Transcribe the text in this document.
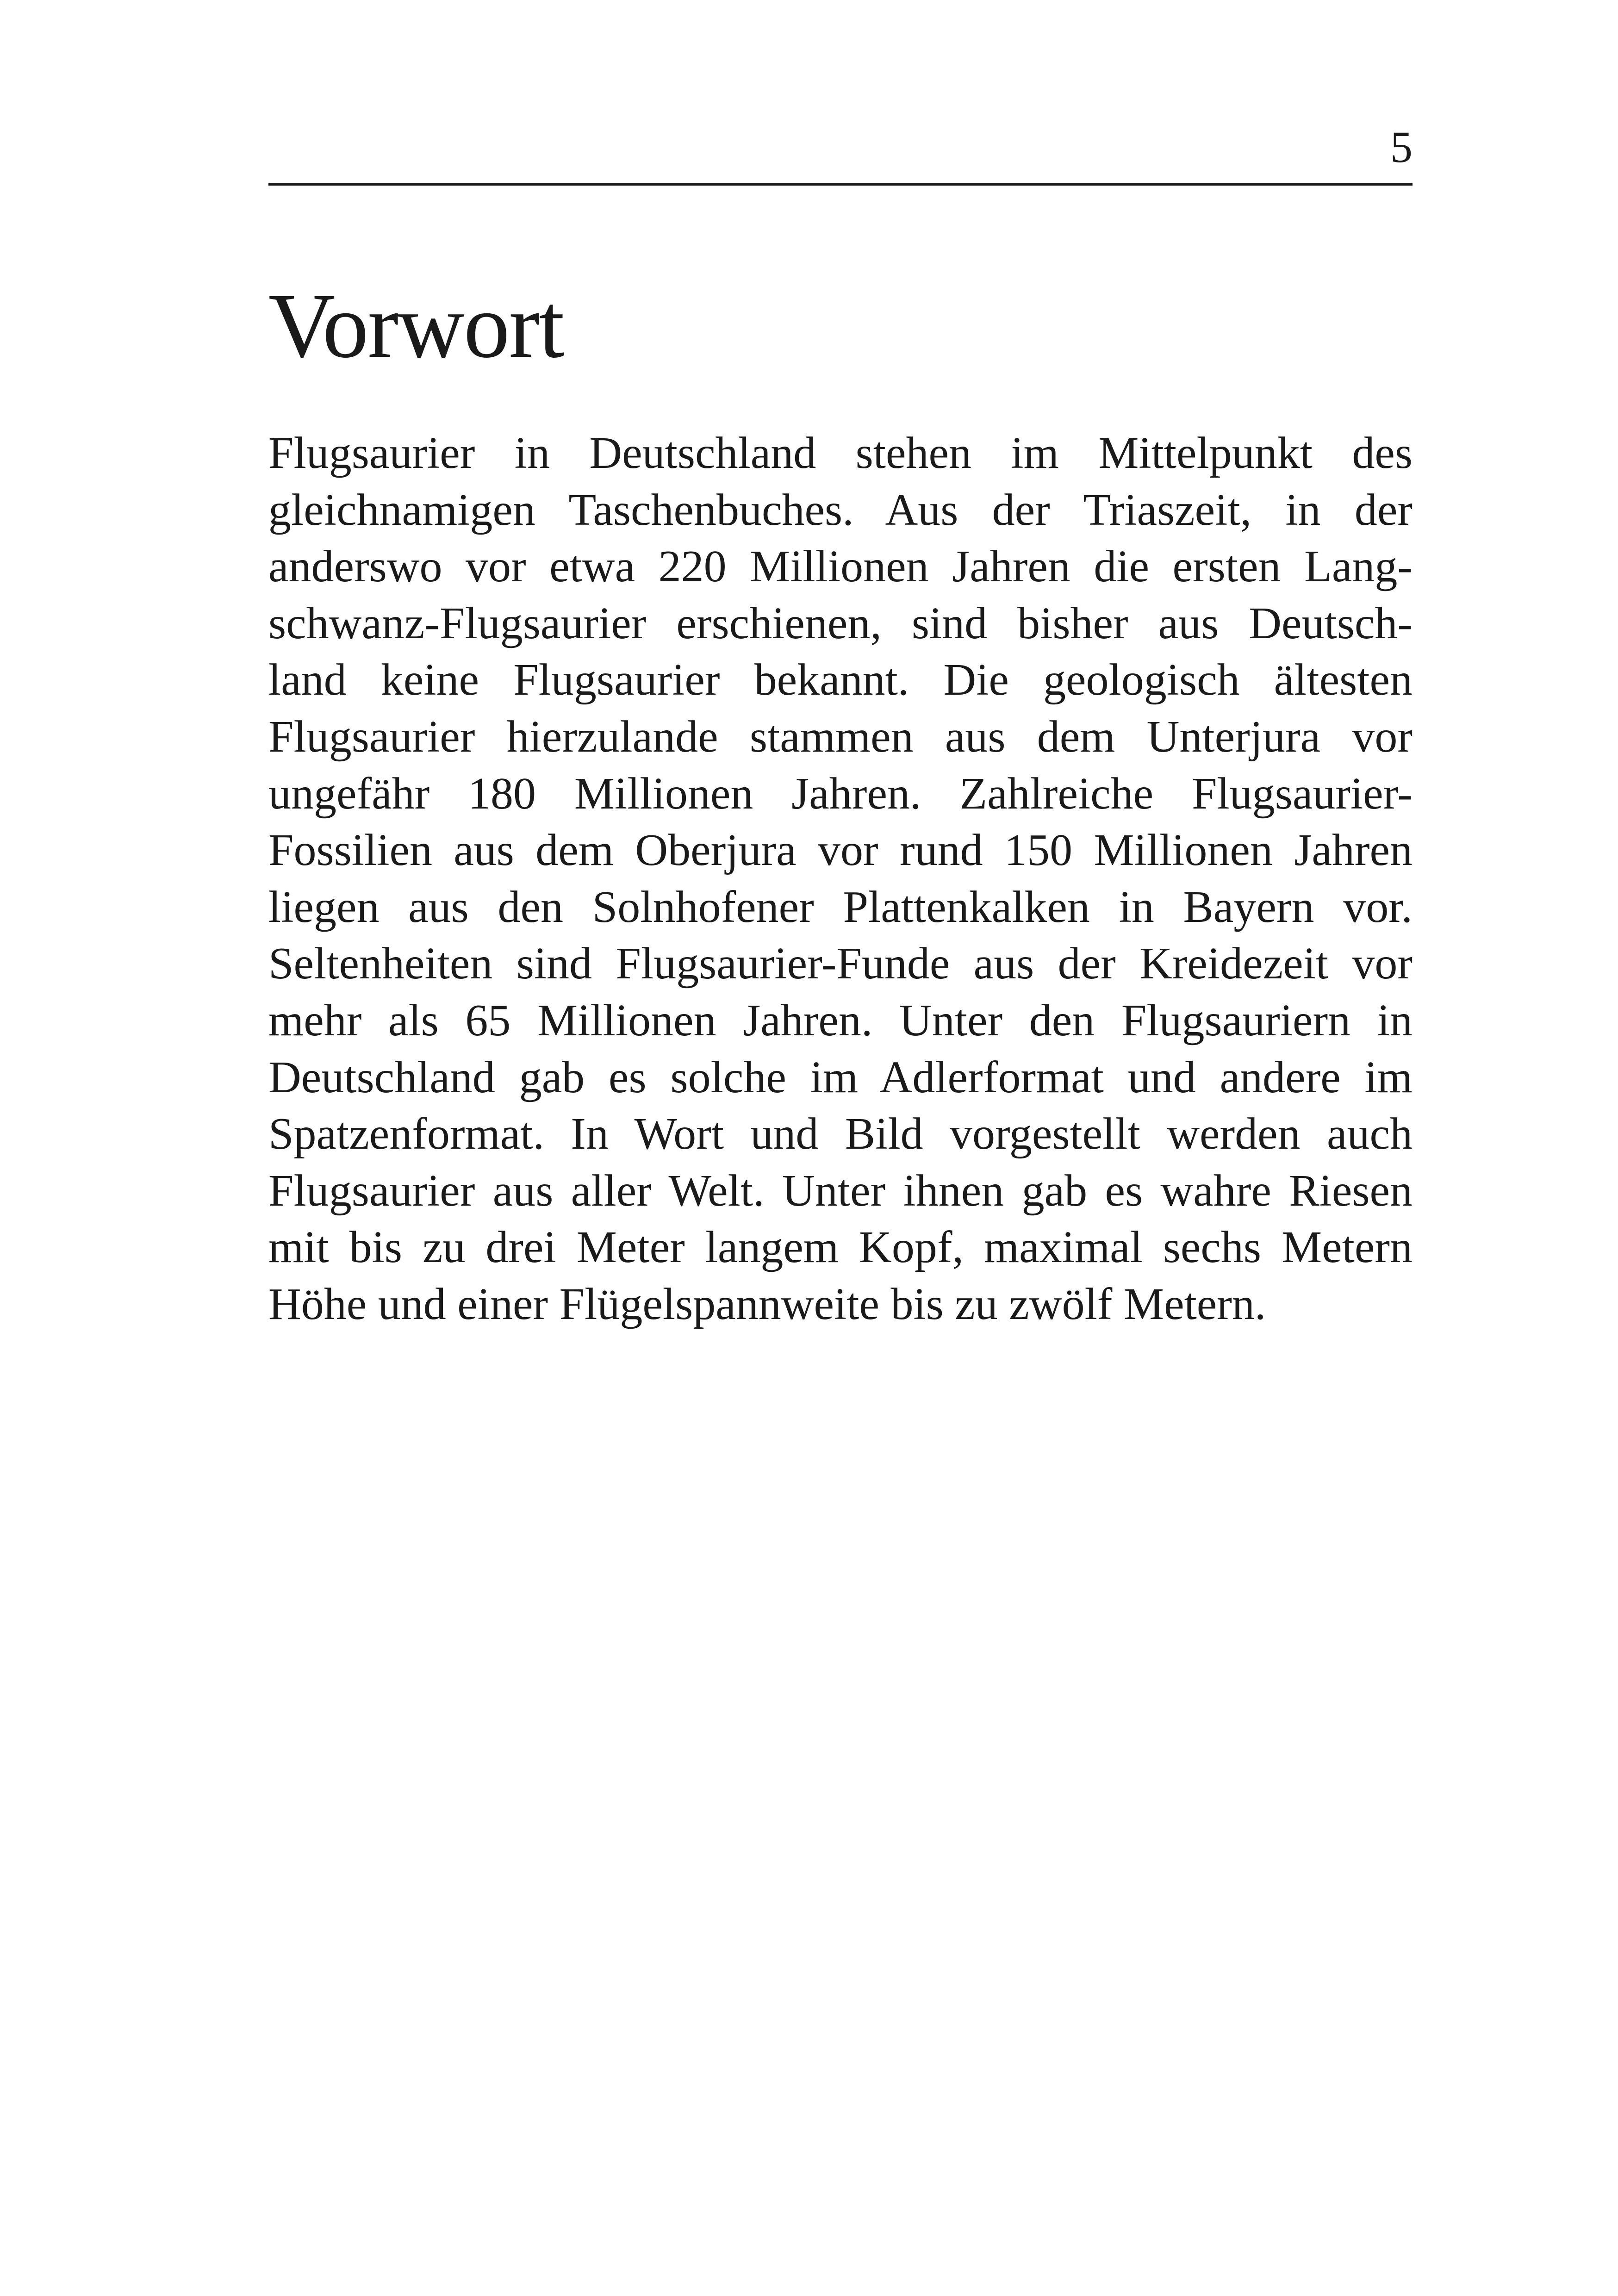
5
Vorwort
Flugsaurier in Deutschland stehen im Mittelpunkt des
gleichnamigen Taschenbuches. Aus der Triaszeit, in der
anderswo vor etwa 220 Millionen Jahren die ersten Lang-
schwanz-Flugsaurier erschienen, sind bisher aus Deutsch-
land keine Flugsaurier bekannt. Die geologisch ältesten
Flugsaurier hierzulande stammen aus dem Unterjura vor
ungefähr 180 Millionen Jahren. Zahlreiche Flugsaurier-
Fossilien aus dem Oberjura vor rund 150 Millionen Jahren
liegen aus den Solnhofener Plattenkalken in Bayern vor.
Seltenheiten sind Flugsaurier-Funde aus der Kreidezeit vor
mehr als 65 Millionen Jahren. Unter den Flugsauriern in
Deutschland gab es solche im Adlerformat und andere im
Spatzenformat. In Wort und Bild vorgestellt werden auch
Flugsaurier aus aller Welt. Unter ihnen gab es wahre Riesen
mit bis zu drei Meter langem Kopf, maximal sechs Metern
Höhe und einer Flügelspannweite bis zu zwölf Metern.
